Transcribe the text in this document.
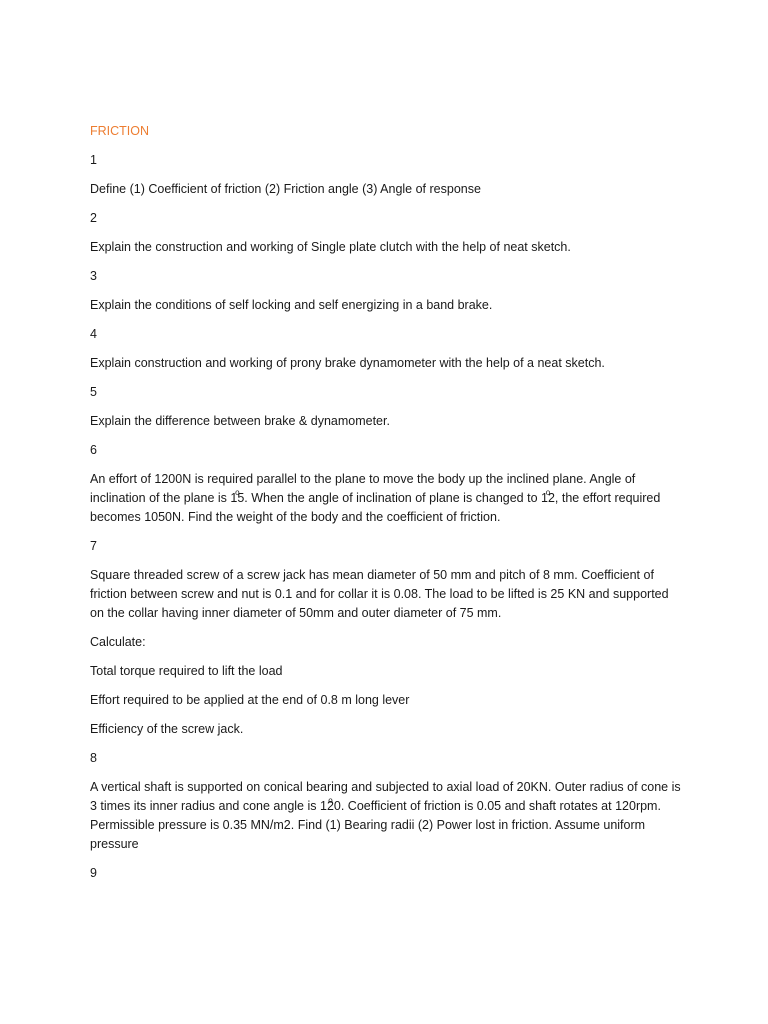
FRICTION
1
Define (1) Coefficient of friction (2) Friction angle (3) Angle of response
2
Explain the construction and working of Single plate clutch with the help of neat sketch.
3
Explain the conditions of self locking and self energizing in a band brake.
4
Explain construction and working of prony brake dynamometer with the help of a neat sketch.
5
Explain the difference between brake & dynamometer.
6
An effort of 1200N is required parallel to the plane to move the body up the inclined plane. Angle of inclination of the plane is 15 o. When the angle of inclination of plane is changed to 12 o, the effort required becomes 1050N. Find the weight of the body and the coefficient of friction.
7
Square threaded screw of a screw jack has mean diameter of 50 mm and pitch of 8 mm. Coefficient of friction between screw and nut is 0.1 and for collar it is 0.08. The load to be lifted is 25 KN and supported on the collar having inner diameter of 50mm and outer diameter of 75 mm.
Calculate:
Total torque required to lift the load
Effort required to be applied at the end of 0.8 m long lever
Efficiency of the screw jack.
8
A vertical shaft is supported on conical bearing and subjected to axial load of 20KN. Outer radius of cone is 3 times its inner radius and cone angle is 120 o. Coefficient of friction is 0.05 and shaft rotates at 120rpm. Permissible pressure is 0.35 MN/m2. Find (1) Bearing radii (2) Power lost in friction. Assume uniform pressure
9
